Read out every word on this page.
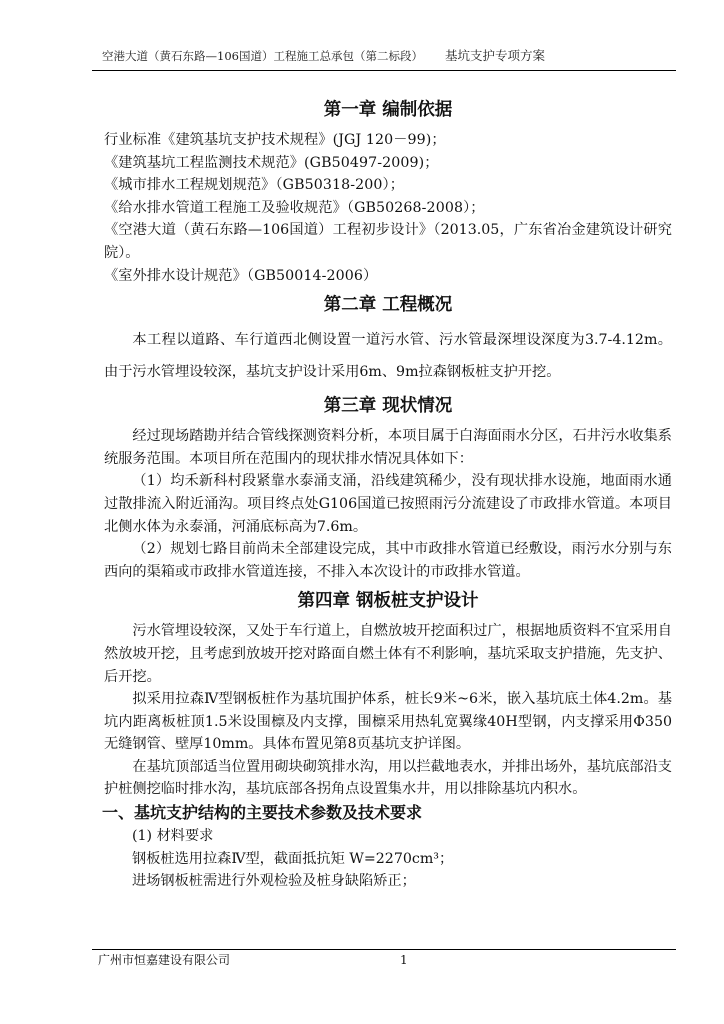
空港大道（黄石东路—106国道）工程施工总承包（第二标段） 基坑支护专项方案
第一章 编制依据
行业标准《建筑基坑支护技术规程》(JGJ 120－99)；
《建筑基坑工程监测技术规范》(GB50497-2009)；
《城市排水工程规划规范》（GB50318-200）；
《给水排水管道工程施工及验收规范》（GB50268-2008）；
《空港大道（黄石东路—106国道）工程初步设计》（2013.05，广东省冶金建筑设计研究院）。
《室外排水设计规范》（GB50014-2006）
第二章 工程概况
本工程以道路、车行道西北侧设置一道污水管、污水管最深埋设深度为3.7-4.12m。由于污水管埋设较深，基坑支护设计采用6m、9m拉森钢板桩支护开挖。
第三章 现状情况
经过现场踏勘并结合管线探测资料分析，本项目属于白海面雨水分区，石井污水收集系统服务范围。本项目所在范围内的现状排水情况具体如下：
（1）均禾新科村段紧靠水泰涌支涌，沿线建筑稀少，没有现状排水设施，地面雨水通过散排流入附近涌沟。项目终点处G106国道已按照雨污分流建设了市政排水管道。本项目北侧水体为永泰涌，河涌底标高为7.6m。
（2）规划七路目前尚未全部建设完成，其中市政排水管道已经敷设，雨污水分别与东西向的渠箱或市政排水管道连接，不排入本次设计的市政排水管道。
第四章 钢板桩支护设计
污水管埋设较深，又处于车行道上，自燃放坡开挖面积过广，根据地质资料不宜采用自然放坡开挖，且考虑到放坡开挖对路面自燃土体有不利影响，基坑采取支护措施，先支护、后开挖。
拟采用拉森Ⅳ型钢板桩作为基坑围护体系，桩长9米~6米，嵌入基坑底土体4.2m。基坑内距离板桩顶1.5米设围檩及内支撑，围檩采用热轧宽翼缘40H型钢，内支撑采用Φ350无缝钢管、壁厚10mm。具体布置见第8页基坑支护详图。
在基坑顶部适当位置用砌块砌筑排水沟，用以拦截地表水，并排出场外，基坑底部沿支护桩侧挖临时排水沟，基坑底部各拐角点设置集水井，用以排除基坑内积水。
一、基坑支护结构的主要技术参数及技术要求
(1) 材料要求
钢板桩选用拉森Ⅳ型，截面抵抗矩 W=2270cm³；
进场钢板桩需进行外观检验及桩身缺陷矫正；
广州市恒嘉建设有限公司	1
